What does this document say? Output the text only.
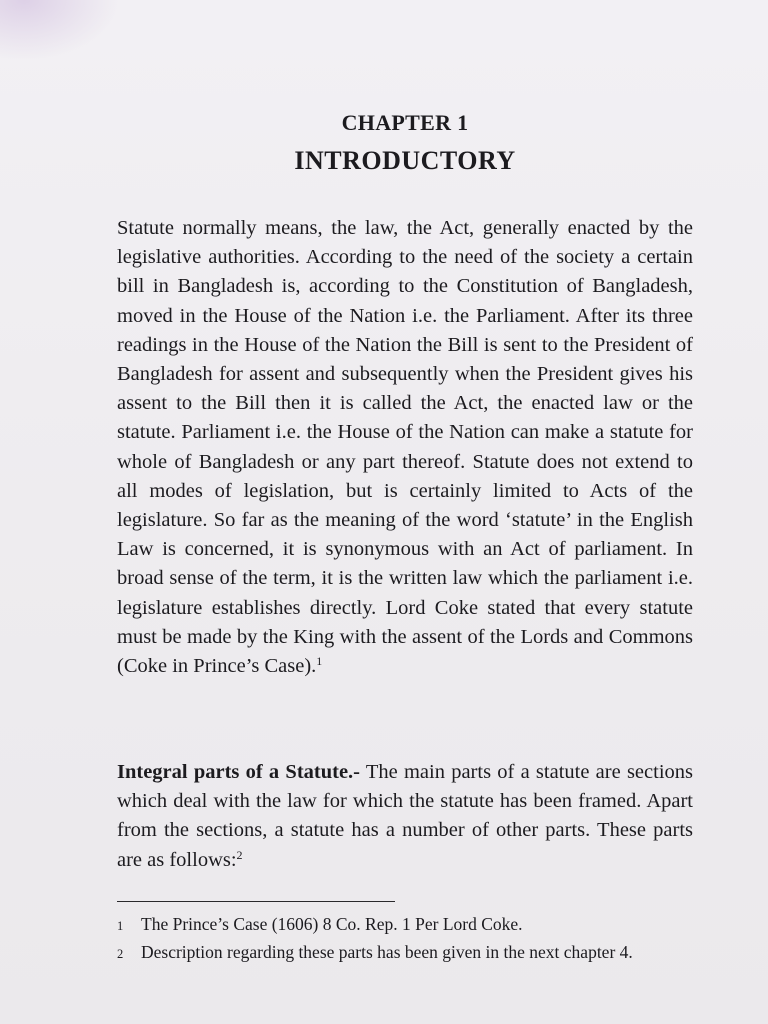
CHAPTER 1
INTRODUCTORY

Statute normally means, the law, the Act, generally enacted by the legislative authorities. According to the need of the society a certain bill in Bangladesh is, according to the Constitution of Bangladesh, moved in the House of the Nation i.e. the Parliament. After its three readings in the House of the Nation the Bill is sent to the President of Bangladesh for assent and subsequently when the President gives his assent to the Bill then it is called the Act, the enacted law or the statute. Parliament i.e. the House of the Nation can make a statute for whole of Bangladesh or any part thereof. Statute does not extend to all modes of legislation, but is certainly limited to Acts of the legislature. So far as the meaning of the word ‘statute’ in the English Law is concerned, it is synonymous with an Act of parliament. In broad sense of the term, it is the written law which the parliament i.e. legislature establishes directly. Lord Coke stated that every statute must be made by the King with the assent of the Lords and Commons (Coke in Prince’s Case).$^1$

Integral parts of a Statute.- The main parts of a statute are sections which deal with the law for which the statute has been framed. Apart from the sections, a statute has a number of other parts. These parts are as follows:$^2$

1 The Prince’s Case (1606) 8 Co. Rep. 1 Per Lord Coke.
2 Description regarding these parts has been given in the next chapter 4.
